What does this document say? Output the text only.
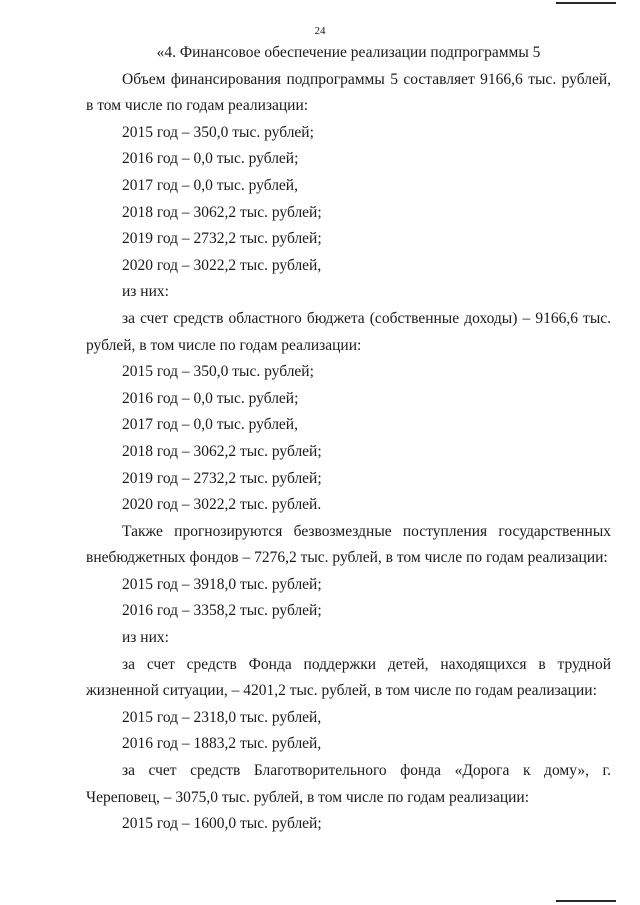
24

«4. Финансовое обеспечение реализации подпрограммы 5

Объем финансирования подпрограммы 5 составляет 9166,6 тыс. рублей, в том числе по годам реализации:

2015 год – 350,0 тыс. рублей;

2016 год – 0,0 тыс. рублей;

2017 год – 0,0 тыс. рублей,

2018 год – 3062,2 тыс. рублей;

2019 год – 2732,2 тыс. рублей;

2020 год – 3022,2 тыс. рублей,

из них:

за счет средств областного бюджета (собственные доходы) – 9166,6 тыс. рублей, в том числе по годам реализации:

2015 год – 350,0 тыс. рублей;

2016 год – 0,0 тыс. рублей;

2017 год – 0,0 тыс. рублей,

2018 год – 3062,2 тыс. рублей;

2019 год – 2732,2 тыс. рублей;

2020 год – 3022,2 тыс. рублей.

Также прогнозируются безвозмездные поступления государственных внебюджетных фондов – 7276,2 тыс. рублей, в том числе по годам реализации:

2015 год – 3918,0 тыс. рублей;

2016 год – 3358,2 тыс. рублей;

из них:

за счет средств Фонда поддержки детей, находящихся в трудной жизненной ситуации, – 4201,2 тыс. рублей, в том числе по годам реализации:

2015 год – 2318,0 тыс. рублей,

2016 год – 1883,2 тыс. рублей,

за счет средств Благотворительного фонда «Дорога к дому», г. Череповец, – 3075,0 тыс. рублей, в том числе по годам реализации:

2015 год – 1600,0 тыс. рублей;
